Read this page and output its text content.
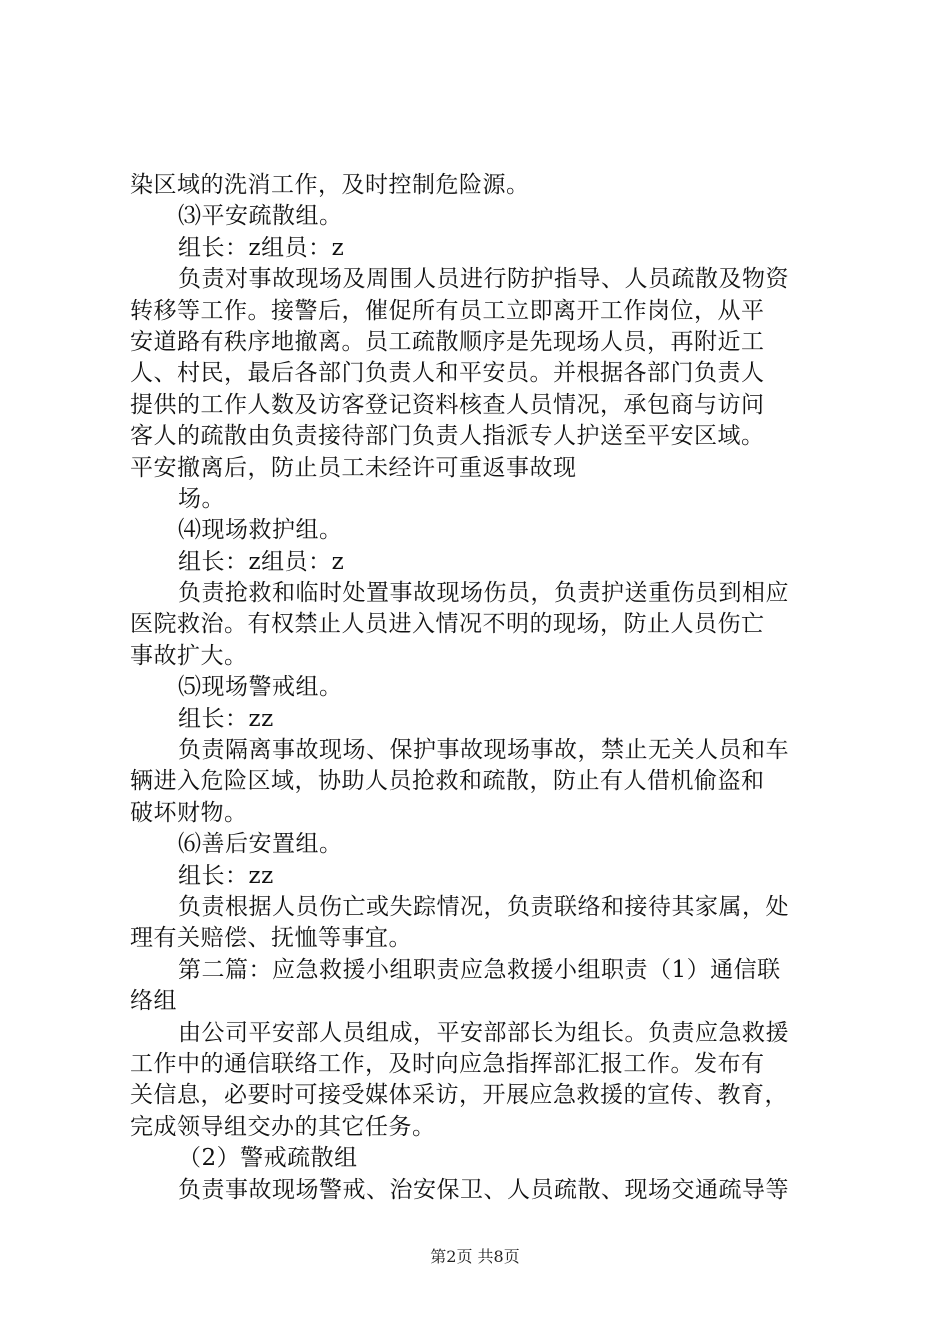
染区域的洗消工作，及时控制危险源。
⑶平安疏散组。
组长：z组员：z
负责对事故现场及周围人员进行防护指导、人员疏散及物资
转移等工作。接警后，催促所有员工立即离开工作岗位，从平
安道路有秩序地撤离。员工疏散顺序是先现场人员，再附近工
人、村民，最后各部门负责人和平安员。并根据各部门负责人
提供的工作人数及访客登记资料核查人员情况，承包商与访问
客人的疏散由负责接待部门负责人指派专人护送至平安区域。
平安撤离后，防止员工未经许可重返事故现
场。
⑷现场救护组。
组长：z组员：z
负责抢救和临时处置事故现场伤员，负责护送重伤员到相应
医院救治。有权禁止人员进入情况不明的现场，防止人员伤亡
事故扩大。
⑸现场警戒组。
组长：zz
负责隔离事故现场、保护事故现场事故，禁止无关人员和车
辆进入危险区域，协助人员抢救和疏散，防止有人借机偷盗和
破坏财物。
⑹善后安置组。
组长：zz
负责根据人员伤亡或失踪情况，负责联络和接待其家属，处
理有关赔偿、抚恤等事宜。
第二篇：应急救援小组职责应急救援小组职责（1）通信联
络组
由公司平安部人员组成，平安部部长为组长。负责应急救援
工作中的通信联络工作，及时向应急指挥部汇报工作。发布有
关信息，必要时可接受媒体采访，开展应急救援的宣传、教育，
完成领导组交办的其它任务。
（2）警戒疏散组
负责事故现场警戒、治安保卫、人员疏散、现场交通疏导等
第2页 共8页
